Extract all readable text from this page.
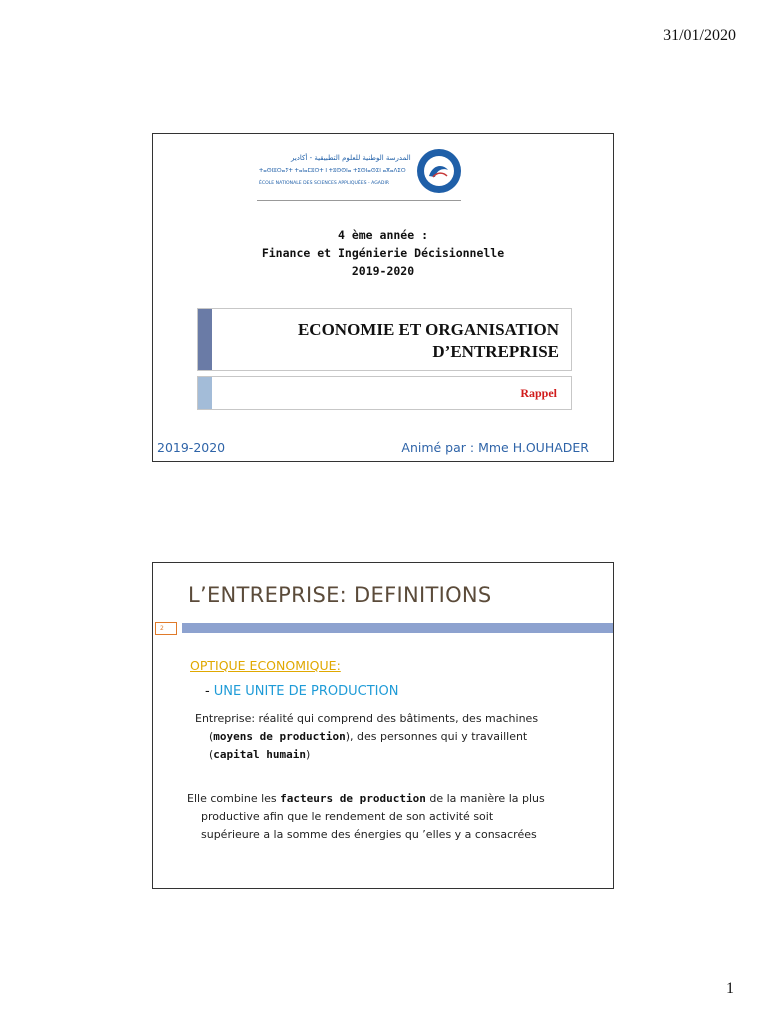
31/01/2020
المدرسة الوطنية للعلوم التطبيقية - أكادير
ⵜⴰⵙⵏⵓⵔⴰⵢⵜ ⵜⴰⵏⴰⵎⵓⵔⵜ ⵏ ⵜⵓⵙⵙⵏⴰ ⵜⵉⵙⵏⴰⵙⵉⵏ ⴰⴳⴰⴷⵉⵔ
ÉCOLE NATIONALE DES SCIENCES APPLIQUÉES - AGADIR
4 ème année :
Finance et Ingénierie Décisionnelle
2019-2020
ECONOMIE ET ORGANISATION
D’ENTREPRISE
Rappel
2019-2020	Animé par : Mme H.OUHADER
L’ENTREPRISE: DEFINITIONS
2
OPTIQUE ECONOMIQUE:
- UNE UNITE DE PRODUCTION
Entreprise: réalité qui comprend des bâtiments, des machines
(moyens de production), des personnes qui y travaillent
(capital humain)
Elle combine les facteurs de production de la manière la plus
productive afin que le rendement de son activité soit
supérieure a la somme des énergies qu ’elles y a consacrées
1
